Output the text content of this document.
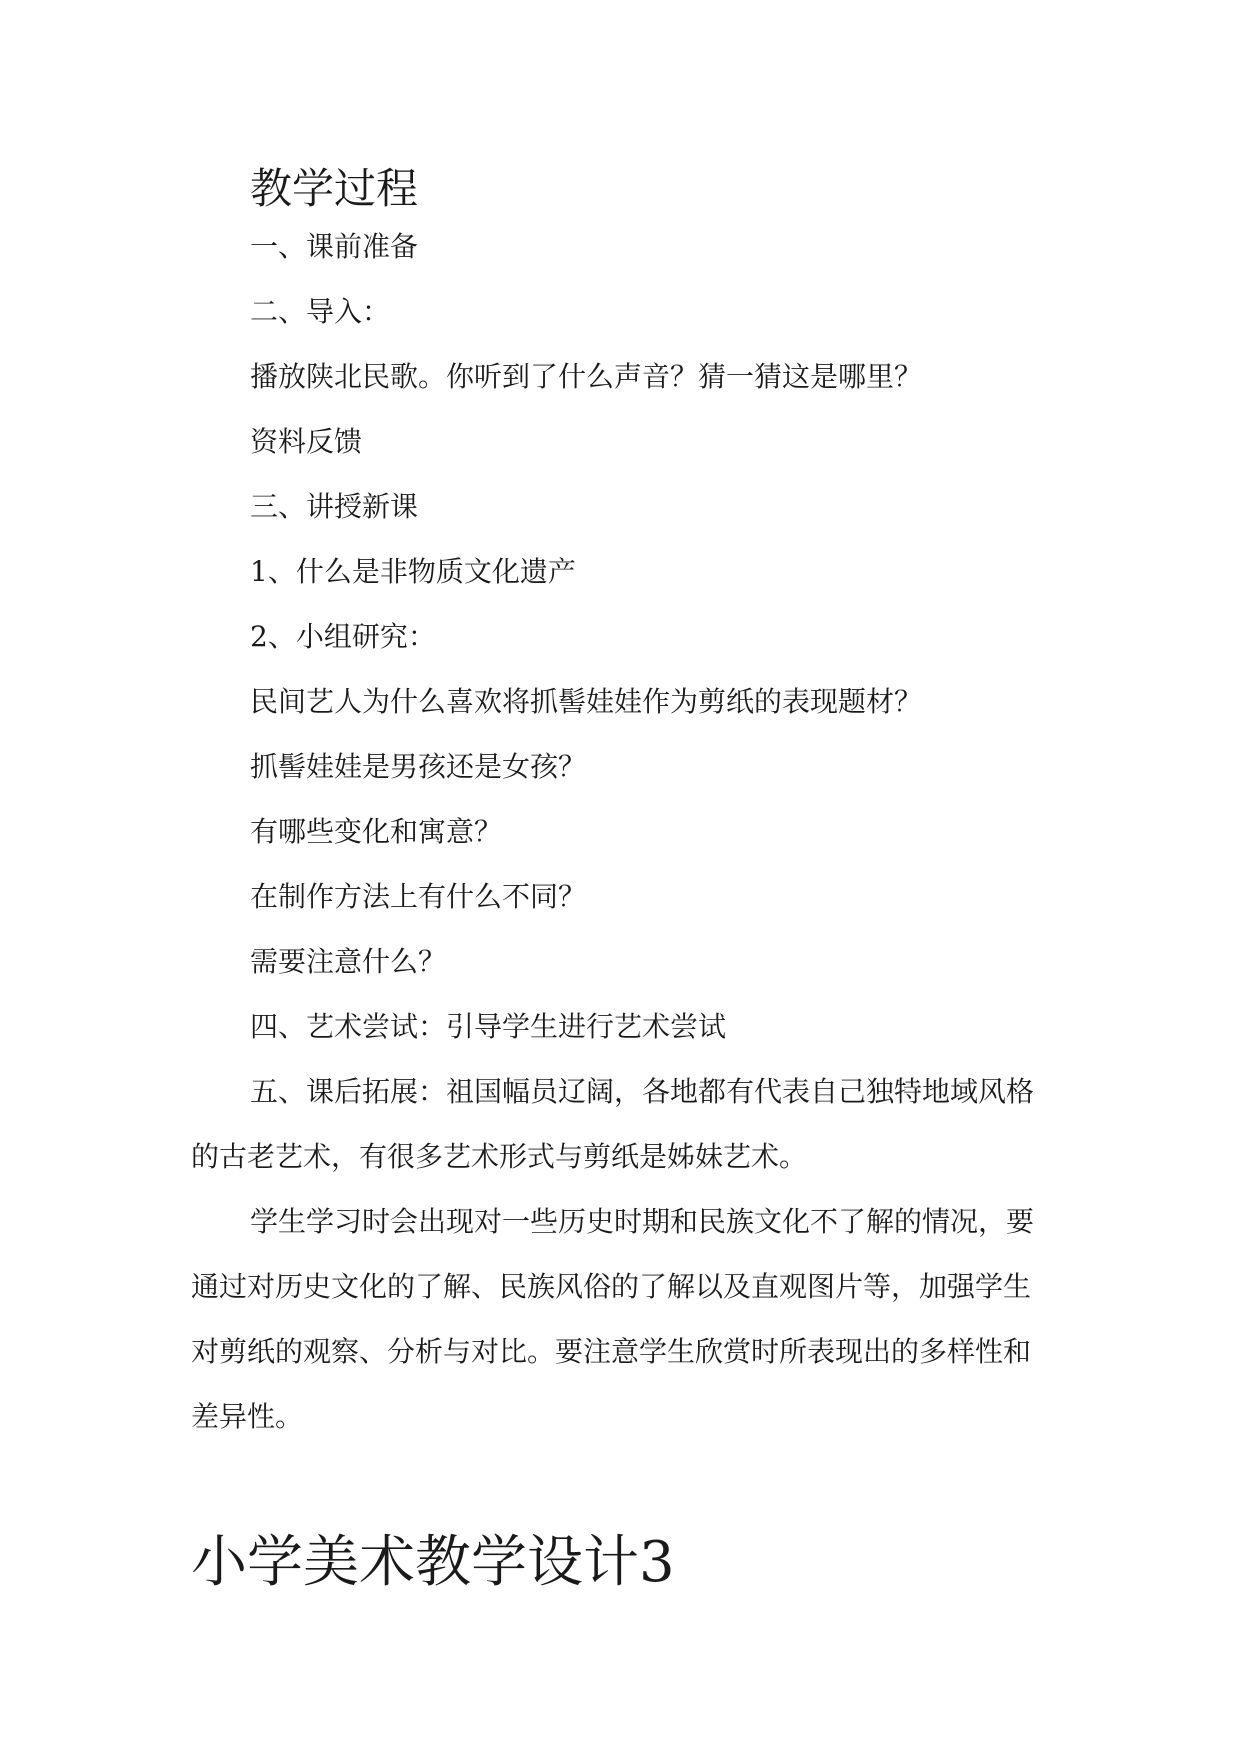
教学过程

一、课前准备

二、导入：

播放陕北民歌。你听到了什么声音？猜一猜这是哪里？

资料反馈

三、讲授新课

1、什么是非物质文化遗产

2、小组研究：

民间艺人为什么喜欢将抓髻娃娃作为剪纸的表现题材？

抓髻娃娃是男孩还是女孩？

有哪些变化和寓意？

在制作方法上有什么不同？

需要注意什么？

四、艺术尝试：引导学生进行艺术尝试

五、课后拓展：祖国幅员辽阔，各地都有代表自己独特地域风格

的古老艺术，有很多艺术形式与剪纸是姊妹艺术。

学生学习时会出现对一些历史时期和民族文化不了解的情况，要

通过对历史文化的了解、民族风俗的了解以及直观图片等，加强学生

对剪纸的观察、分析与对比。要注意学生欣赏时所表现出的多样性和

差异性。

小学美术教学设计3
